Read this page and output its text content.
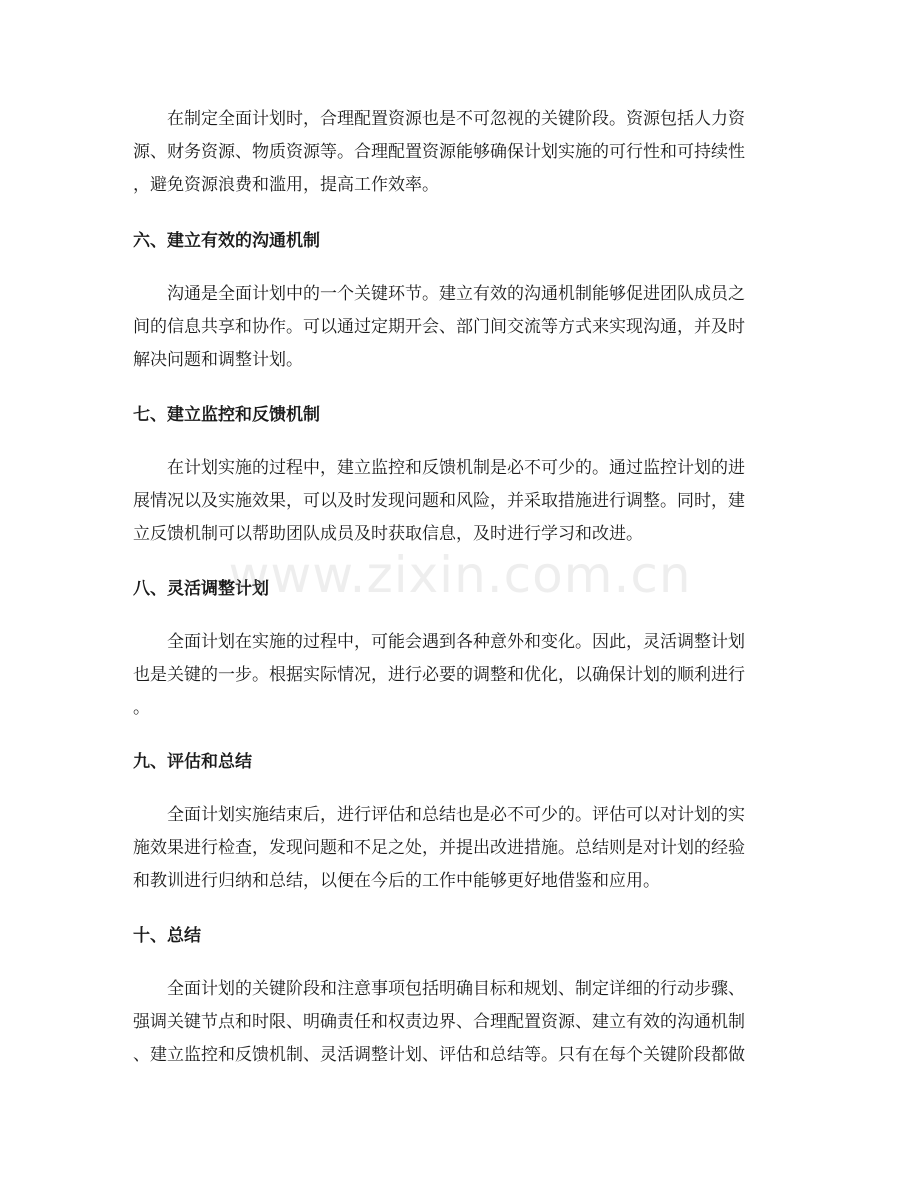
　　在制定全面计划时，合理配置资源也是不可忽视的关键阶段。资源包括人力资
源、财务资源、物质资源等。合理配置资源能够确保计划实施的可行性和可持续性
，避免资源浪费和滥用，提高工作效率。

六、建立有效的沟通机制

　　沟通是全面计划中的一个关键环节。建立有效的沟通机制能够促进团队成员之
间的信息共享和协作。可以通过定期开会、部门间交流等方式来实现沟通，并及时
解决问题和调整计划。

七、建立监控和反馈机制

　　在计划实施的过程中，建立监控和反馈机制是必不可少的。通过监控计划的进
展情况以及实施效果，可以及时发现问题和风险，并采取措施进行调整。同时，建
立反馈机制可以帮助团队成员及时获取信息，及时进行学习和改进。

八、灵活调整计划

　　全面计划在实施的过程中，可能会遇到各种意外和变化。因此，灵活调整计划
也是关键的一步。根据实际情况，进行必要的调整和优化，以确保计划的顺利进行
。

九、评估和总结

　　全面计划实施结束后，进行评估和总结也是必不可少的。评估可以对计划的实
施效果进行检查，发现问题和不足之处，并提出改进措施。总结则是对计划的经验
和教训进行归纳和总结，以便在今后的工作中能够更好地借鉴和应用。

十、总结

　　全面计划的关键阶段和注意事项包括明确目标和规划、制定详细的行动步骤、
强调关键节点和时限、明确责任和权责边界、合理配置资源、建立有效的沟通机制
、建立监控和反馈机制、灵活调整计划、评估和总结等。只有在每个关键阶段都做

www.zixin.com.cn
